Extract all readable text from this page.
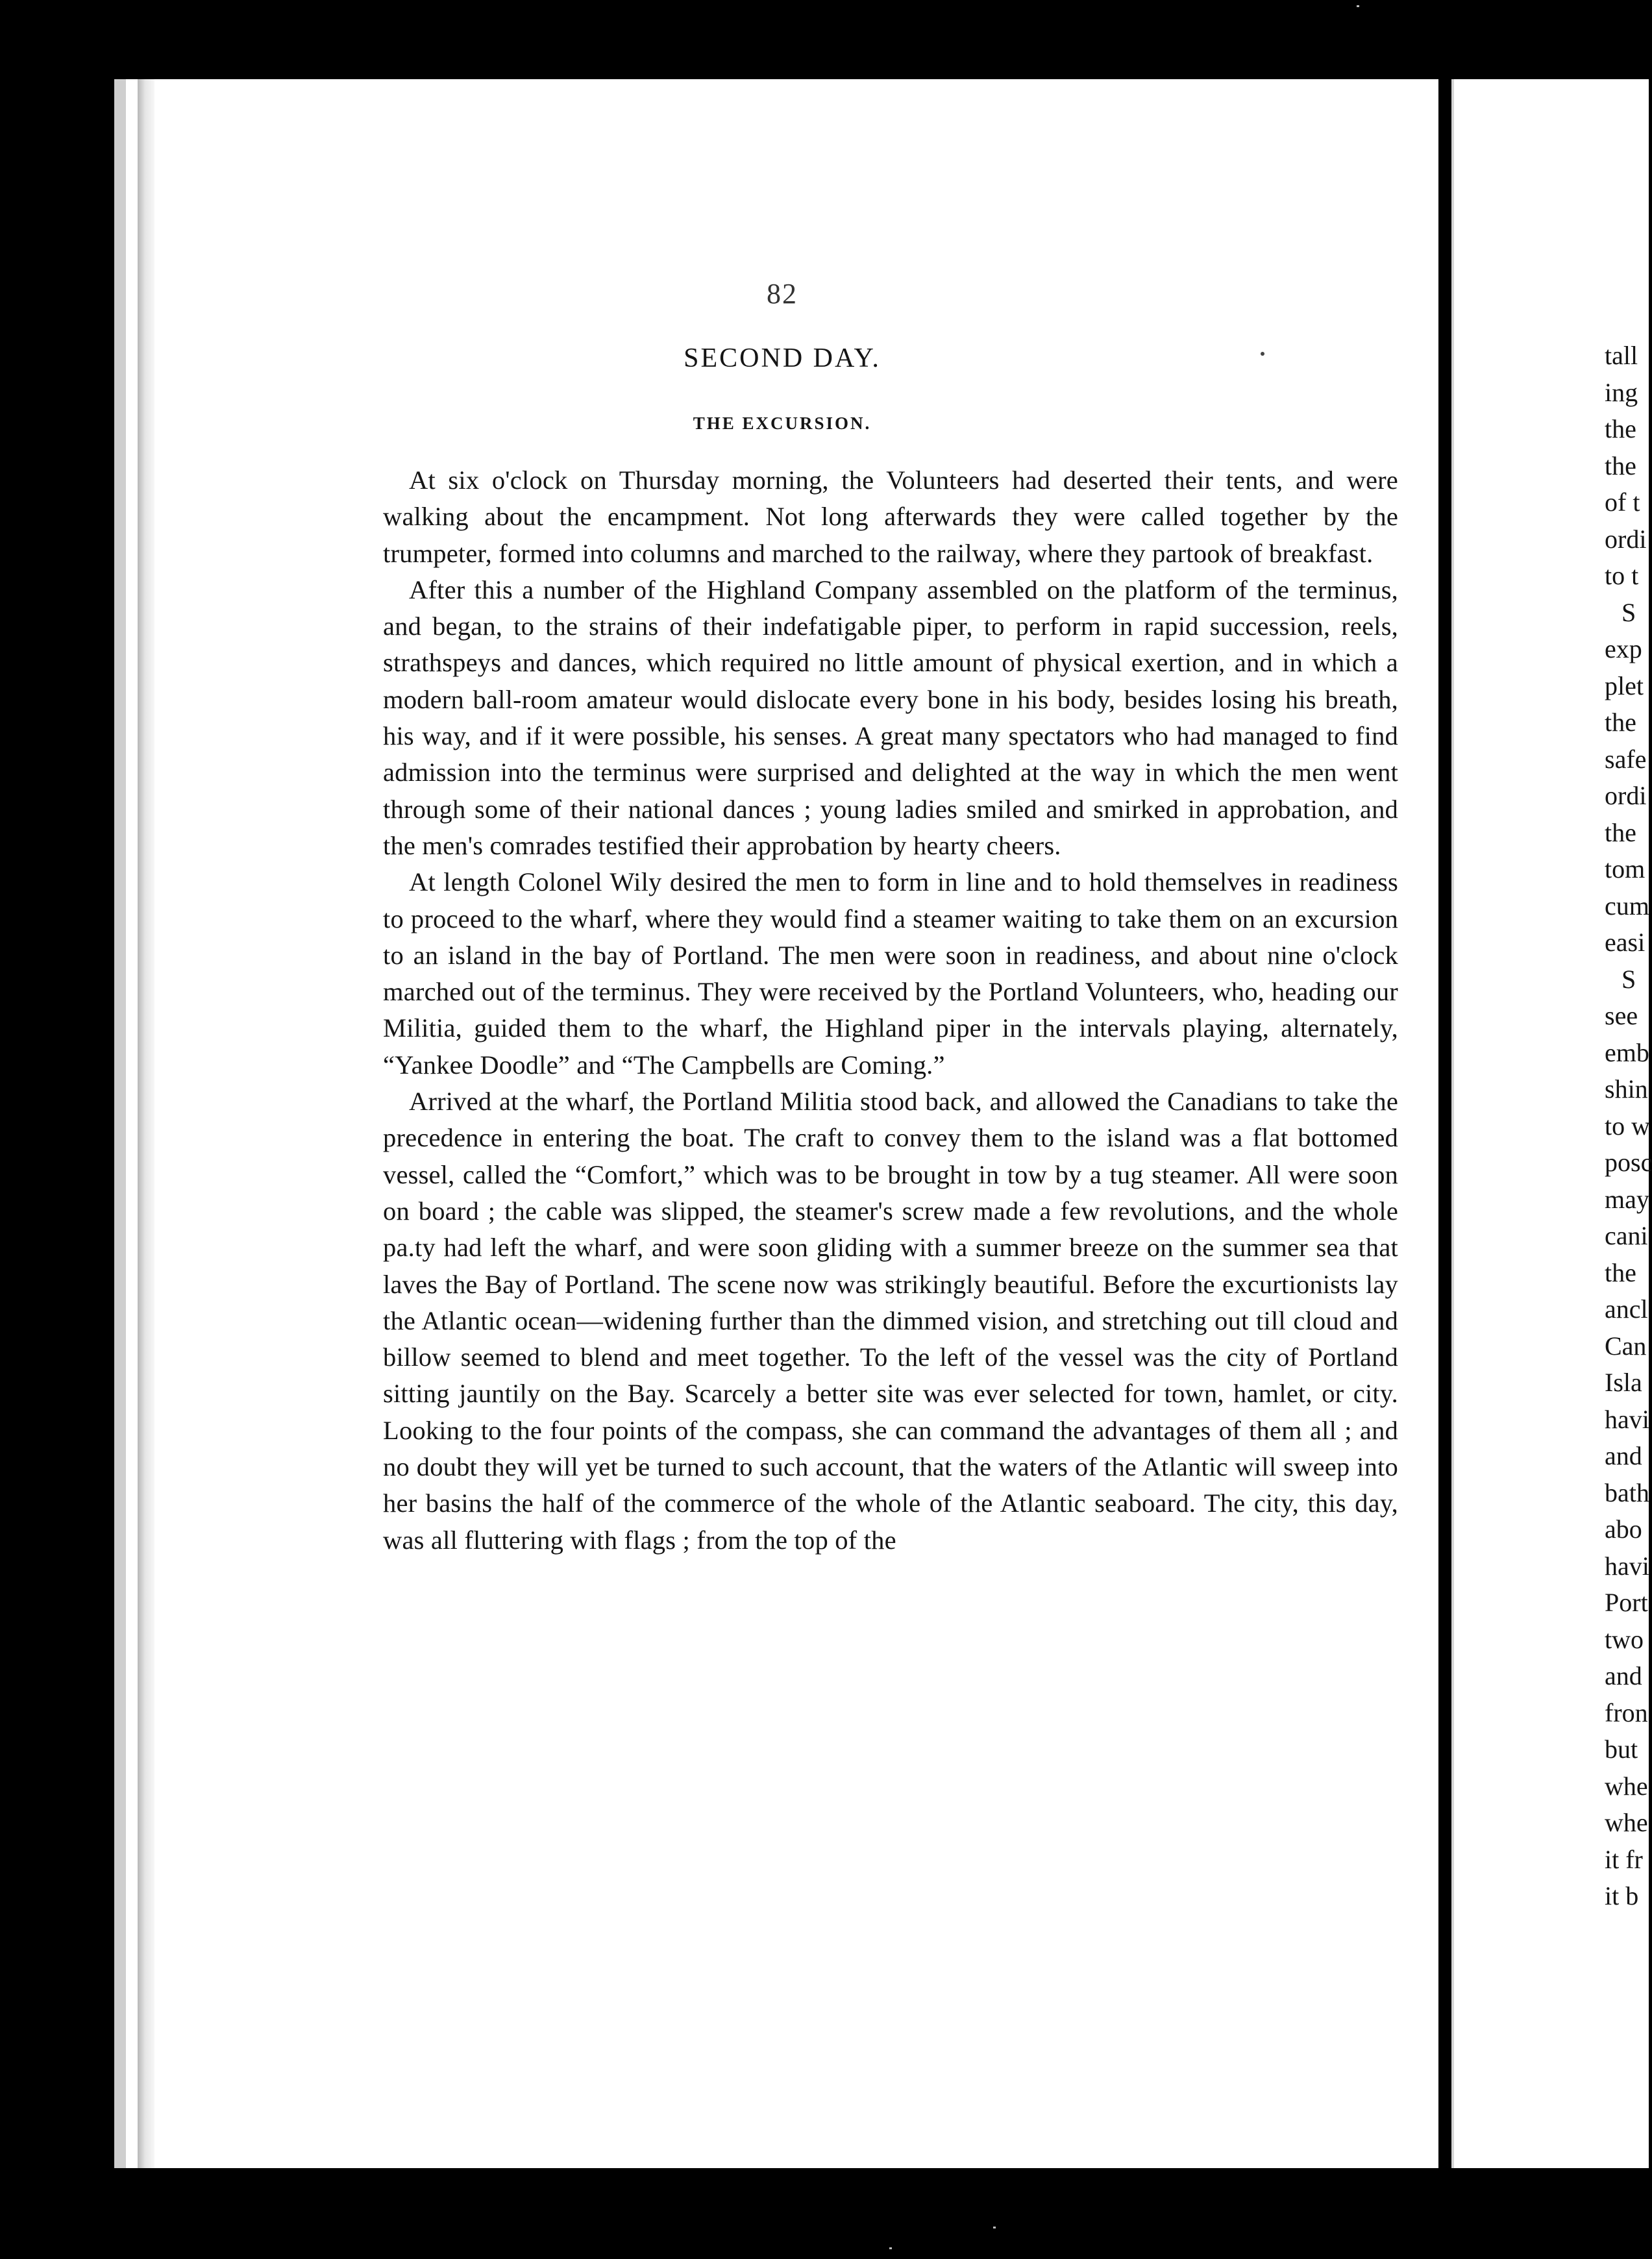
82
SECOND DAY.
THE EXCURSION.

At six o'clock on Thursday morning, the Volunteers had deserted their tents, and were walking about the encampment. Not long afterwards they were called together by the trumpeter, formed into columns and marched to the railway, where they partook of breakfast.

After this a number of the Highland Company assembled on the platform of the terminus, and began, to the strains of their indefatigable piper, to perform in rapid succession, reels, strathspeys and dances, which required no little amount of physical exertion, and in which a modern ball-room amateur would dislocate every bone in his body, besides losing his breath, his way, and if it were possible, his senses. A great many spectators who had managed to find admission into the terminus were surprised and delighted at the way in which the men went through some of their national dances ; young ladies smiled and smirked in approbation, and the men's comrades testified their approbation by hearty cheers.

At length Colonel Wily desired the men to form in line and to hold themselves in readiness to proceed to the wharf, where they would find a steamer waiting to take them on an excursion to an island in the bay of Portland. The men were soon in readiness, and about nine o'clock marched out of the terminus. They were received by the Portland Volunteers, who, heading our Militia, guided them to the wharf, the Highland piper in the intervals playing, alternately, “Yankee Doodle” and “The Campbells are Coming.”

Arrived at the wharf, the Portland Militia stood back, and allowed the Canadians to take the precedence in entering the boat. The craft to convey them to the island was a flat bottomed vessel, called the “Comfort,” which was to be brought in tow by a tug steamer. All were soon on board ; the cable was slipped, the steamer's screw made a few revolutions, and the whole pa.ty had left the wharf, and were soon gliding with a summer breeze on the summer sea that laves the Bay of Portland. The scene now was strikingly beautiful. Before the excurtionists lay the Atlantic ocean—widening further than the dimmed vision, and stretching out till cloud and billow seemed to blend and meet together. To the left of the vessel was the city of Portland sitting jauntily on the Bay. Scarcely a better site was ever selected for town, hamlet, or city. Looking to the four points of the compass, she can command the advantages of them all ; and no doubt they will yet be turned to such account, that the waters of the Atlantic will sweep into her basins the half of the commerce of the whole of the Atlantic seaboard. The city, this day, was all fluttering with flags ; from the top of the

tall
ing
the
the
of t
ordi
to t
S
exp
plet
the
safe
ordi
the
tom
cum
easi
S
see
emb
shin
to w
posc
may
cani
the
ancl
Can
Isla
havi
and
bath
abo
havi
Port
two
and
fron
but
whe
whe
it fr
it b
